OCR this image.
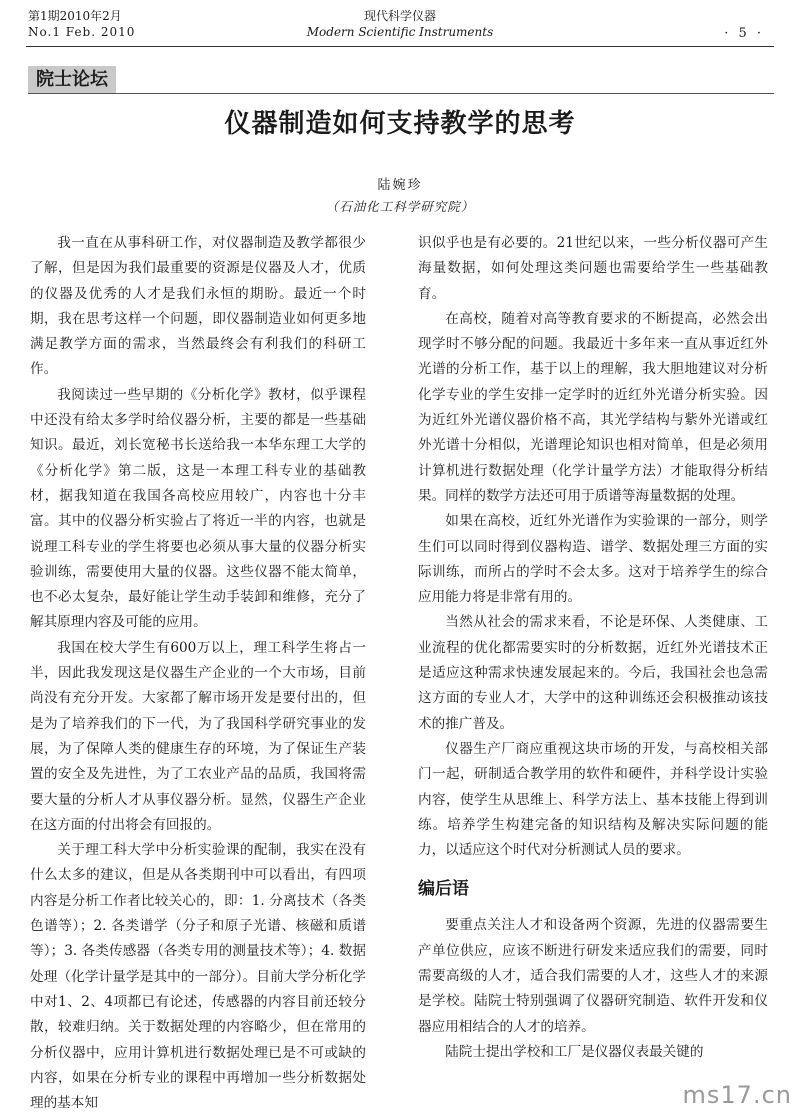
第1期2010年2月
No.1 Feb. 2010
现代科学仪器
Modern Scientific Instruments	· 5 ·
院士论坛
仪器制造如何支持教学的思考
陆婉珍
（石油化工科学研究院）

我一直在从事科研工作，对仪器制造及教学都很少了解，但是因为我们最重要的资源是仪器及人才，优质的仪器及优秀的人才是我们永恒的期盼。最近一个时期，我在思考这样一个问题，即仪器制造业如何更多地满足教学方面的需求，当然最终会有利我们的科研工作。

我阅读过一些早期的《分析化学》教材，似乎课程中还没有给太多学时给仪器分析，主要的都是一些基础知识。最近，刘长宽秘书长送给我一本华东理工大学的《分析化学》第二版，这是一本理工科专业的基础教材，据我知道在我国各高校应用较广，内容也十分丰富。其中的仪器分析实验占了将近一半的内容，也就是说理工科专业的学生将要也必须从事大量的仪器分析实验训练，需要使用大量的仪器。这些仪器不能太简单，也不必太复杂，最好能让学生动手装卸和维修，充分了解其原理内容及可能的应用。

我国在校大学生有600万以上，理工科学生将占一半，因此我发现这是仪器生产企业的一个大市场，目前尚没有充分开发。大家都了解市场开发是要付出的，但是为了培养我们的下一代，为了我国科学研究事业的发展，为了保障人类的健康生存的环境，为了保证生产装置的安全及先进性，为了工农业产品的品质，我国将需要大量的分析人才从事仪器分析。显然，仪器生产企业在这方面的付出将会有回报的。

关于理工科大学中分析实验课的配制，我实在没有什么太多的建议，但是从各类期刊中可以看出，有四项内容是分析工作者比较关心的，即：1. 分离技术（各类色谱等）；2. 各类谱学（分子和原子光谱、核磁和质谱等）；3. 各类传感器（各类专用的测量技术等）；4. 数据处理（化学计量学是其中的一部分）。目前大学分析化学中对1、2、4项都已有论述，传感器的内容目前还较分散，较难归纳。关于数据处理的内容略少，但在常用的分析仪器中，应用计算机进行数据处理已是不可或缺的内容，如果在分析专业的课程中再增加一些分析数据处理的基本知

识似乎也是有必要的。21世纪以来，一些分析仪器可产生海量数据，如何处理这类问题也需要给学生一些基础教育。

在高校，随着对高等教育要求的不断提高，必然会出现学时不够分配的问题。我最近十多年来一直从事近红外光谱的分析工作，基于以上的理解，我大胆地建议对分析化学专业的学生安排一定学时的近红外光谱分析实验。因为近红外光谱仪器价格不高，其光学结构与紫外光谱或红外光谱十分相似，光谱理论知识也相对简单，但是必须用计算机进行数据处理（化学计量学方法）才能取得分析结果。同样的数学方法还可用于质谱等海量数据的处理。

如果在高校，近红外光谱作为实验课的一部分，则学生们可以同时得到仪器构造、谱学、数据处理三方面的实际训练，而所占的学时不会太多。这对于培养学生的综合应用能力将是非常有用的。

当然从社会的需求来看，不论是环保、人类健康、工业流程的优化都需要实时的分析数据，近红外光谱技术正是适应这种需求快速发展起来的。今后，我国社会也急需这方面的专业人才，大学中的这种训练还会积极推动该技术的推广普及。

仪器生产厂商应重视这块市场的开发，与高校相关部门一起，研制适合教学用的软件和硬件，并科学设计实验内容，使学生从思维上、科学方法上、基本技能上得到训练。培养学生构建完备的知识结构及解决实际问题的能力，以适应这个时代对分析测试人员的要求。

编后语

要重点关注人才和设备两个资源，先进的仪器需要生产单位供应，应该不断进行研发来适应我们的需要，同时需要高级的人才，适合我们需要的人才，这些人才的来源是学校。陆院士特别强调了仪器研究制造、软件开发和仪器应用相结合的人才的培养。

陆院士提出学校和工厂是仪器仪表最关键的

ms17.cn
